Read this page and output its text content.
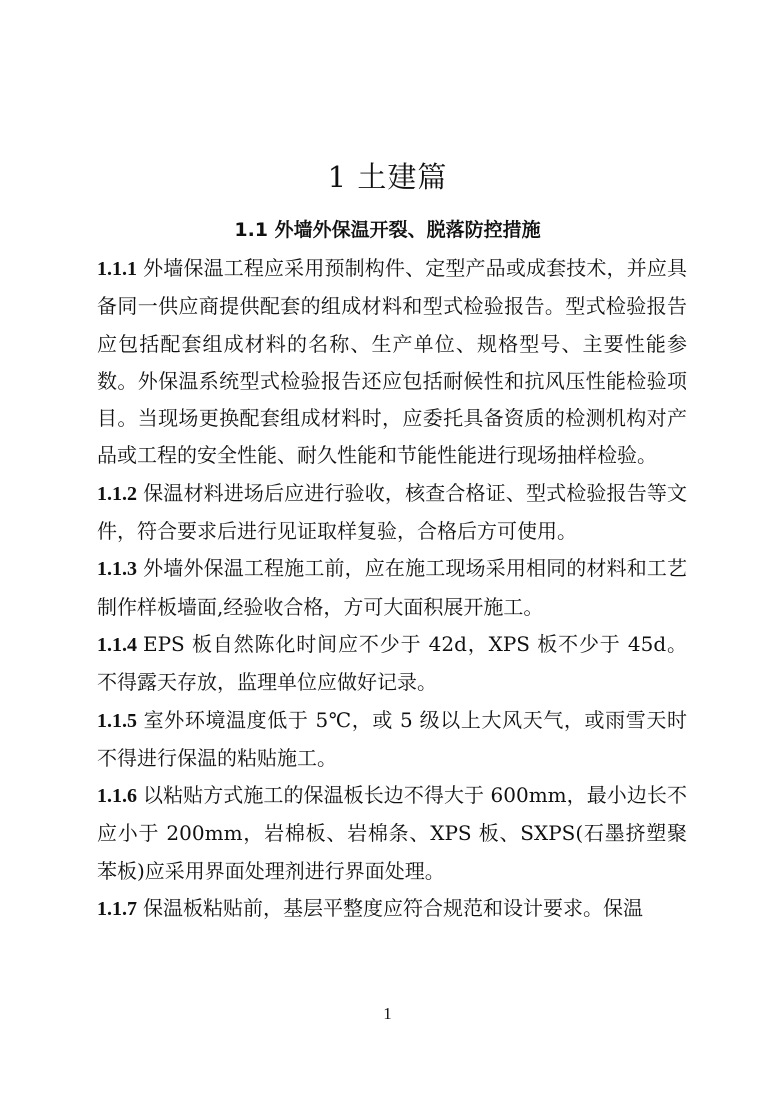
1 土建篇
1.1 外墙外保温开裂、脱落防控措施

1.1.1 外墙保温工程应采用预制构件、定型产品或成套技术，并应具备同一供应商提供配套的组成材料和型式检验报告。型式检验报告应包括配套组成材料的名称、生产单位、规格型号、主要性能参数。外保温系统型式检验报告还应包括耐候性和抗风压性能检验项目。当现场更换配套组成材料时，应委托具备资质的检测机构对产品或工程的安全性能、耐久性能和节能性能进行现场抽样检验。

1.1.2 保温材料进场后应进行验收，核查合格证、型式检验报告等文件，符合要求后进行见证取样复验，合格后方可使用。

1.1.3 外墙外保温工程施工前，应在施工现场采用相同的材料和工艺制作样板墙面,经验收合格，方可大面积展开施工。

1.1.4 EPS 板自然陈化时间应不少于 42d，XPS 板不少于 45d。不得露天存放，监理单位应做好记录。

1.1.5 室外环境温度低于 5℃，或 5 级以上大风天气，或雨雪天时不得进行保温的粘贴施工。

1.1.6 以粘贴方式施工的保温板长边不得大于 600mm，最小边长不应小于 200mm，岩棉板、岩棉条、XPS 板、SXPS(石墨挤塑聚苯板)应采用界面处理剂进行界面处理。

1.1.7 保温板粘贴前，基层平整度应符合规范和设计要求。保温

1
